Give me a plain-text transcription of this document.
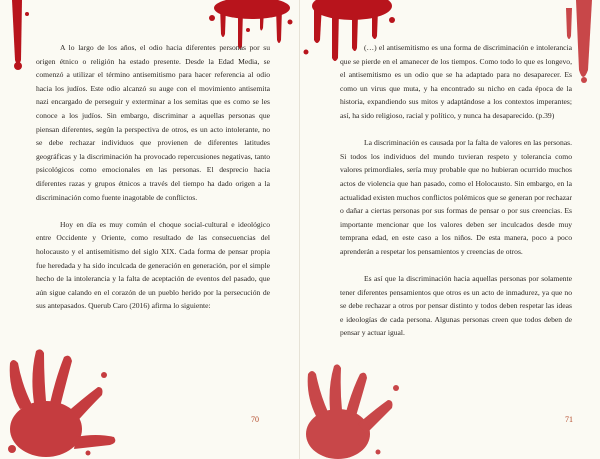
A lo largo de los años, el odio hacia diferentes personas por su origen étnico o religión ha estado presente. Desde la Edad Media, se comenzó a utilizar el término antisemitismo para hacer referencia al odio hacia los judíos. Este odio alcanzó su auge con el movimiento antisemita nazi encargado de perseguir y exterminar a los semitas que es como se les conoce a los judíos. Sin embargo, discriminar a aquellas personas que piensan diferentes, según la perspectiva de otros, es un acto intolerante, no se debe rechazar individuos que provienen de diferentes latitudes geográficas y la discriminación ha provocado repercusiones negativas, tanto psicológicos como emocionales en las personas. El desprecio hacia diferentes razas y grupos étnicos a través del tiempo ha dado origen a la discriminación como fuente inagotable de conflictos.

Hoy en día es muy común el choque social-cultural e ideológico entre Occidente y Oriente, como resultado de las consecuencias del holocausto y el antisemitismo del siglo XIX. Cada forma de pensar propia fue heredada y ha sido inculcada de generación en generación, por el simple hecho de la intolerancia y la falta de aceptación de eventos del pasado, que aún sigue calando en el corazón de un pueblo herido por la persecución de sus antepasados. Querub Caro (2016) afirma lo siguiente:

70

(…) el antisemitismo es una forma de discriminación e intolerancia que se pierde en el amanecer de los tiempos. Como todo lo que es longevo, el antisemitismo es un odio que se ha adaptado para no desaparecer. Es como un virus que muta, y ha encontrado su nicho en cada época de la historia, expandiendo sus mitos y adaptándose a los contextos imperantes; así, ha sido religioso, racial y político, y nunca ha desaparecido. (p.39)

La discriminación es causada por la falta de valores en las personas. Si todos los individuos del mundo tuvieran respeto y tolerancia como valores primordiales, sería muy probable que no hubieran ocurrido muchos actos de violencia que han pasado, como el Holocausto. Sin embargo, en la actualidad existen muchos conflictos polémicos que se generan por rechazar o dañar a ciertas personas por sus formas de pensar o por sus creencias. Es importante mencionar que los valores deben ser inculcados desde muy temprana edad, en este caso a los niños. De esta manera, poco a poco aprenderán a respetar los pensamientos y creencias de otros.

Es así que la discriminación hacia aquellas personas por solamente tener diferentes pensamientos que otros es un acto de inmadurez, ya que no se debe rechazar a otros por pensar distinto y todos deben respetar las ideas e ideologías de cada persona. Algunas personas creen que todos deben de pensar y actuar igual.

71
